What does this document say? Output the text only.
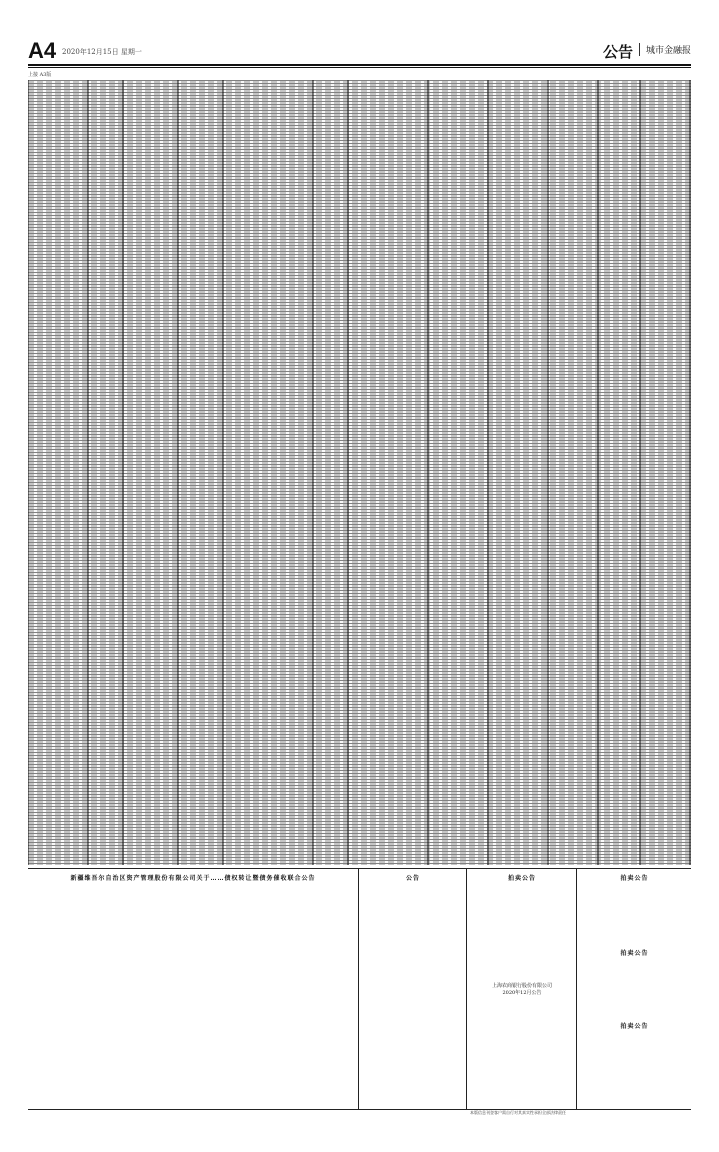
A4 2020年12月15日 星期一	公告	城市金融报
上接 A3版
新疆维吾尔自治区资产管理股份有限公司关于……债权转让暨债务催收联合公告	公告	拍卖公告
上海农商银行股份有限公司
2020年12月公告
拍卖公告
拍卖公告
拍卖公告
本版信息刊登客户需自行对其真实性承担全部法律责任
